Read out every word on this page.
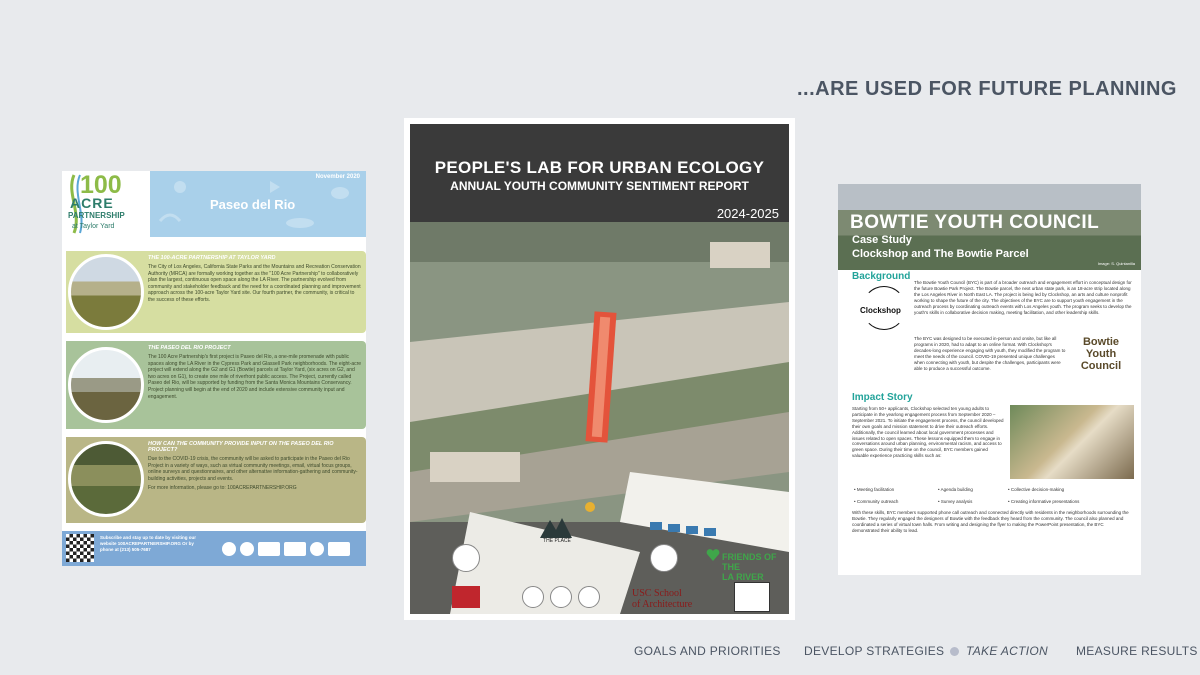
...ARE USED FOR FUTURE PLANNING
100
ACRE
PARTNERSHIP
at Taylor Yard
November 2020
Paseo del Rio
THE 100-ACRE PARTNERSHIP AT TAYLOR YARD
The City of Los Angeles, California State Parks and the Mountains and Recreation Conservation Authority (MRCA) are formally working together as the "100 Acre Partnership" to collaboratively plan the largest, continuous open space along the LA River. The partnership evolved from community and stakeholder feedback and the need for a coordinated planning and improvement approach across the 100-acre Taylor Yard site. Our fourth partner, the community, is critical to the success of these efforts.
THE PASEO DEL RIO PROJECT
The 100 Acre Partnership's first project is Paseo del Rio, a one-mile promenade with public spaces along the LA River in the Cypress Park and Glassell Park neighborhoods. The eight-acre project will extend along the G2 and G1 (Bowtie) parcels at Taylor Yard, (six acres on G2, and two acres on G1), to create one mile of riverfront public access. The Project, currently called Paseo del Rio, will be supported by funding from the Santa Monica Mountains Conservancy. Project planning will begin at the end of 2020 and include extensive community input and engagement.
HOW CAN THE COMMUNITY PROVIDE INPUT ON THE PASEO DEL RIO PROJECT?
Due to the COVID-19 crisis, the community will be asked to participate in the Paseo del Rio Project in a variety of ways, such as virtual community meetings, email, virtual focus groups, online surveys and questionnaires, and other alternative information-gathering and community-building activities, projects and events.
For more information, please go to: 100ACREPARTNERSHIP.ORG
Subscribe and stay up to date by visiting our website 100ACREPARTNERSHIP.ORG Or by phone at (213) 505-7687
PEOPLE'S LAB FOR URBAN ECOLOGY
ANNUAL YOUTH COMMUNITY SENTIMENT REPORT
2024-2025
THE PLACE
USC School
of Architecture
FRIENDS OF THE
LA RIVER
BOWTIE YOUTH COUNCIL
Case Study
Clockshop and The Bowtie Parcel
Image: S. Quintanilla
Background
Clockshop
The Bowtie Youth Council (BYC) is part of a broader outreach and engagement effort in conceptual design for the future Bowtie Park Project. The Bowtie parcel, the next urban state park, is an 18-acre strip located along the Los Angeles River in North East LA. The project is being led by Clockshop, an arts and culture nonprofit working to shape the future of the city. The objectives of the BYC are to support youth engagement in the outreach process by coordinating outreach events with Los Angeles youth. The program seeks to develop the youth's skills in collaborative decision making, meeting facilitation, and other leadership skills.
The BYC was designed to be executed in-person and onsite, but like all programs in 2020, had to adapt to an online format. With Clockshop's decades-long experience engaging with youth, they modified the program to meet the needs of the council. COVID-19 presented unique challenges when connecting with youth, but despite the challenges, participants were able to produce a successful outcome.
Bowtie
Youth
Council
Impact Story
Starting from 50+ applicants, Clockshop selected ten young adults to participate in the yearlong engagement process from September 2020 – September 2021. To initiate the engagement process, the council developed their own goals and mission statement to drive their outreach efforts. Additionally, the council learned about local government processes and issues related to open spaces. These lessons equipped them to engage in conversations around urban planning, environmental racism, and access to green space. During their time on the council, BYC members gained valuable experience practicing skills such as:
• Meeting facilitation	• Agenda building	• Collective decision-making
• Community outreach	• Survey analysis	• Creating informative presentations
With these skills, BYC members supported phone call outreach and connected directly with residents in the neighborhoods surrounding the Bowtie. They regularly engaged the designers of Bowtie with the feedback they heard from the community. The council also planned and coordinated a series of virtual town halls. From writing and designing the flyer to making the PowerPoint presentation, the BYC demonstrated their ability to lead.
GOALS AND PRIORITIES DEVELOP STRATEGIES TAKE ACTION MEASURE RESULTS
